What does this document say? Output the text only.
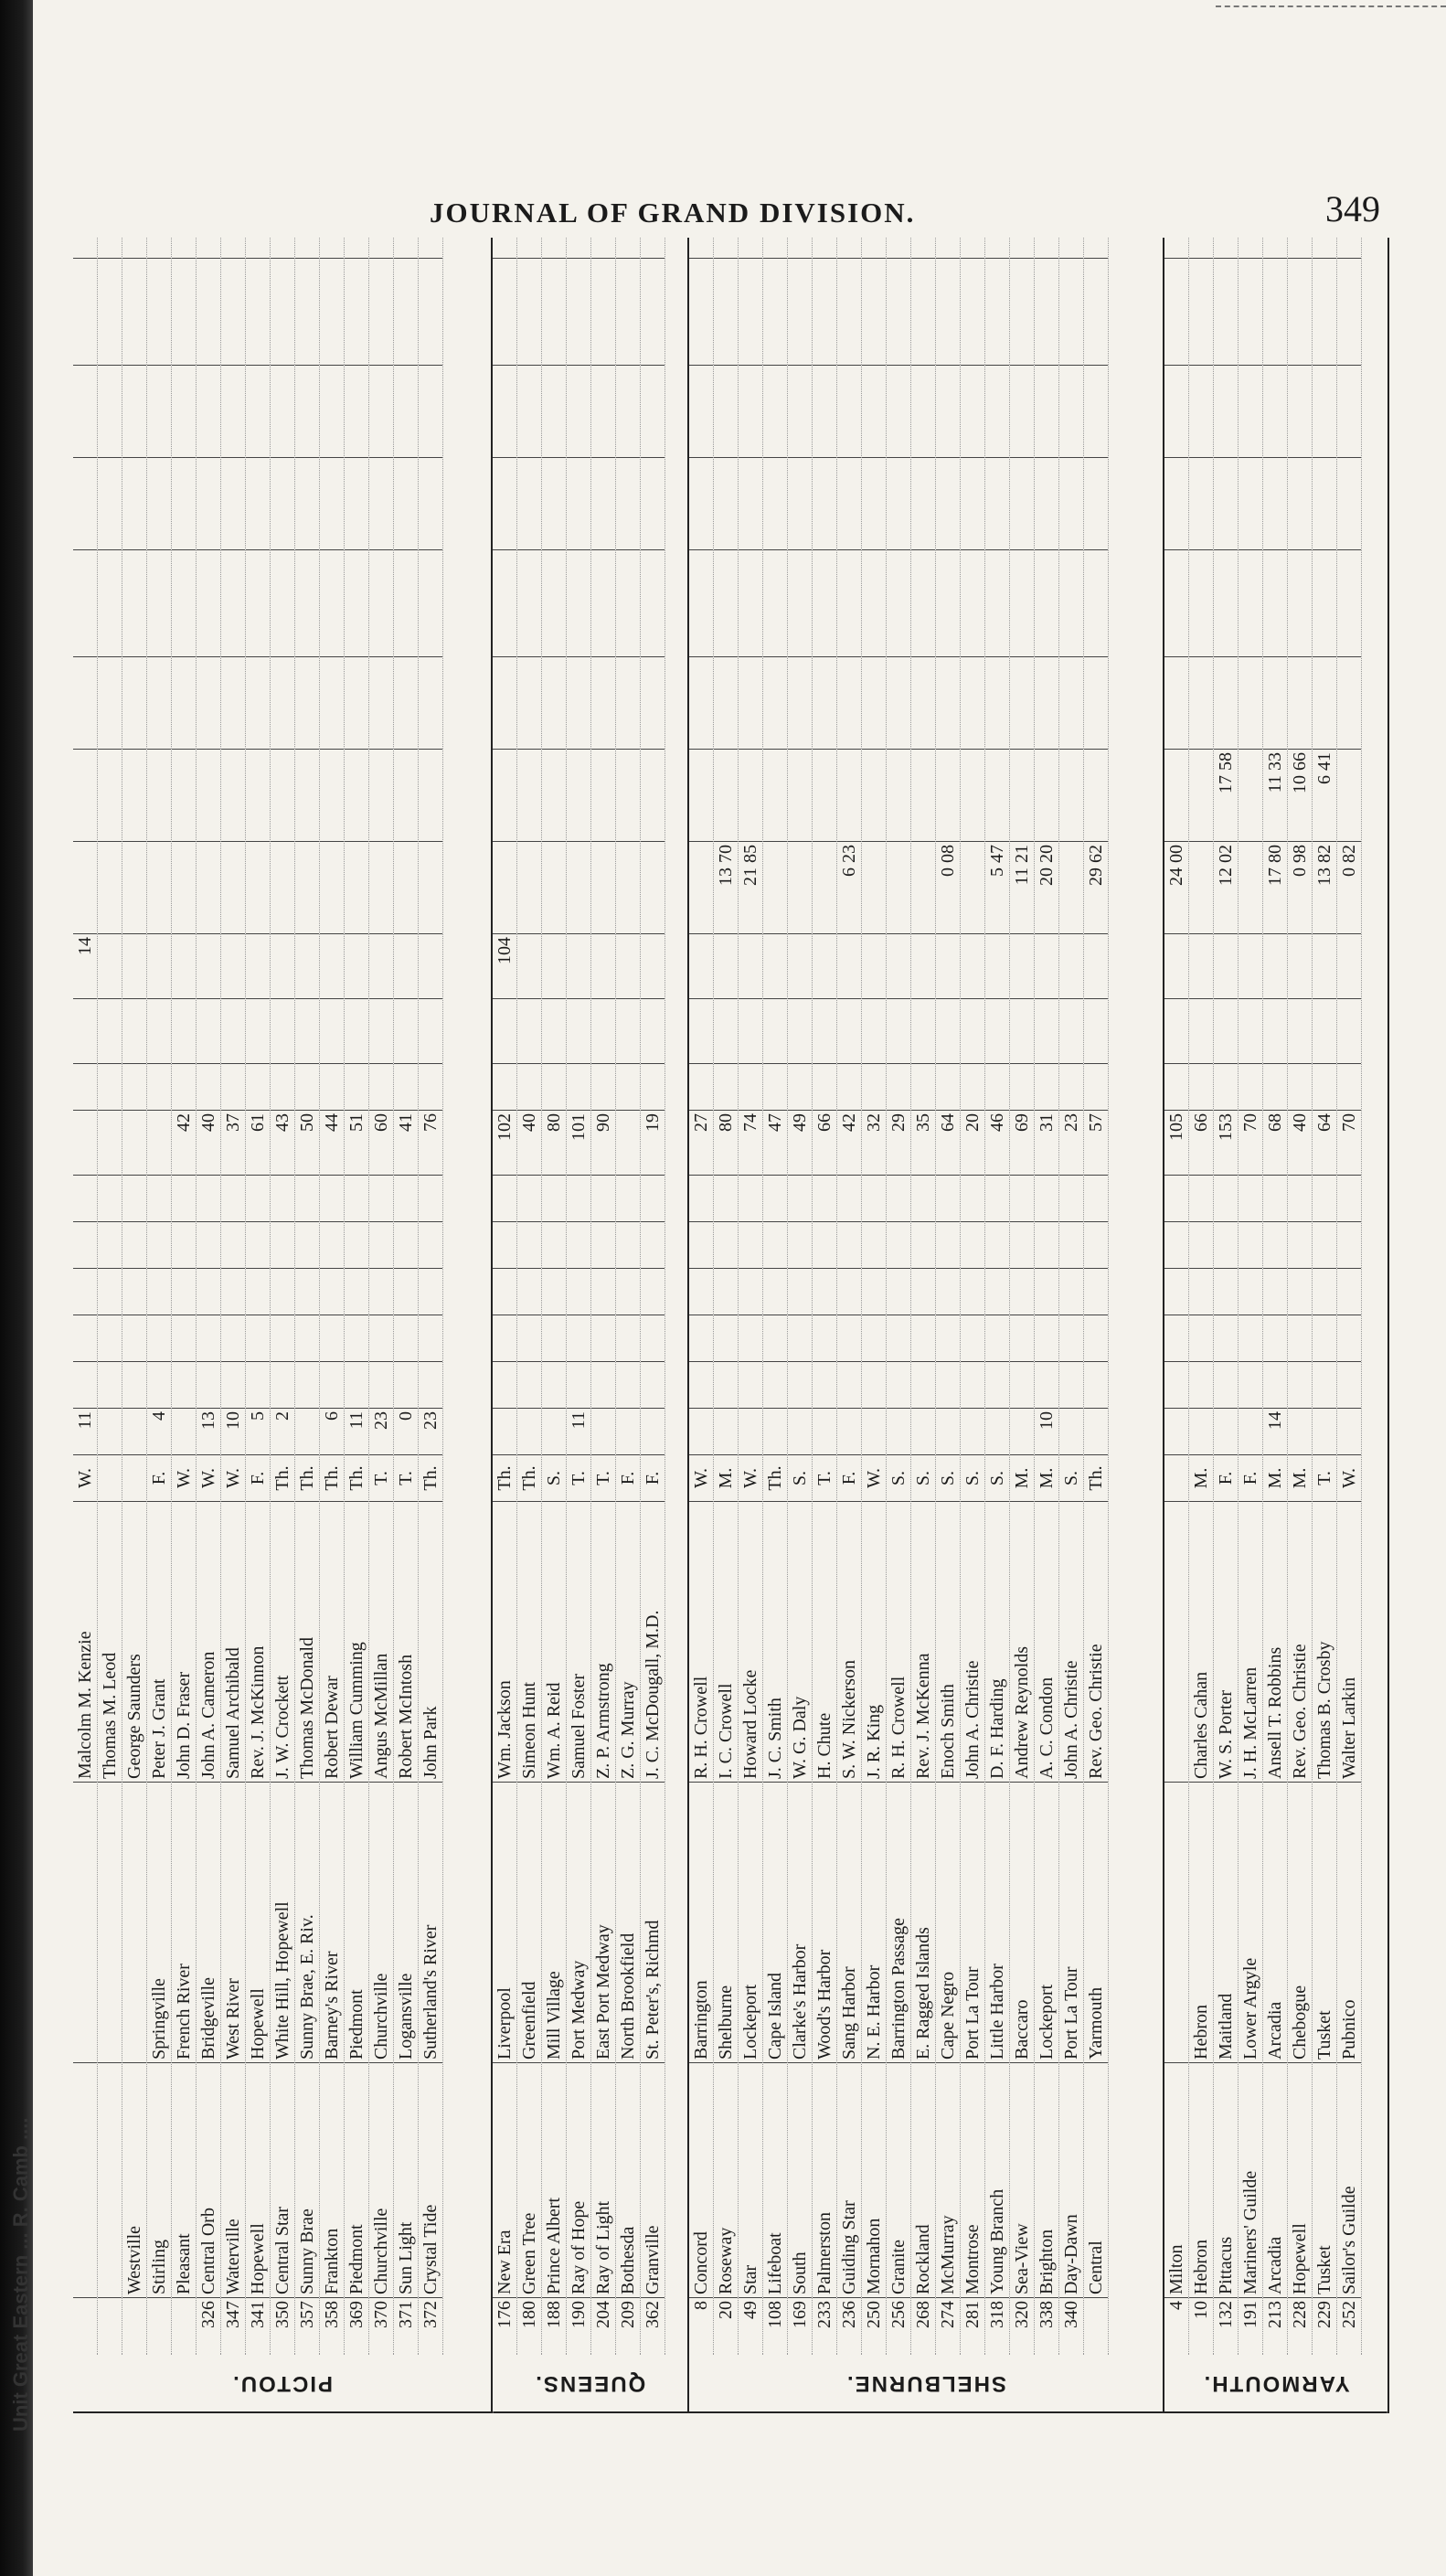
JOURNAL OF GRAND DIVISION.	349
Unit Great Eastern ... R. Camb ....	PICTOU.
Malcolm M. Kenzie
W.
11
14
Thomas M. Leod
Westville
George Saunders
Stirling
Springville
Peter J. Grant
F.
4
Pleasant
French River
John D. Fraser
W.
42
326
Central Orb
Bridgeville
John A. Cameron
W.
13
40
347
Waterville
West River
Samuel Archibald
W.
10
37
341
Hopewell
Hopewell
Rev. J. McKinnon
F.
5
61
350
Central Star
White Hill, Hopewell
J. W. Crockett
Th.
2
43
357
Sunny Brae
Sunny Brae, E. Riv.
Thomas McDonald
Th.
50
358
Frankton
Barney's River
Robert Dewar
Th.
6
44
369
Piedmont
Piedmont
William Cumming
Th.
11
51
370
Churchville
Churchville
Angus McMillan
T.
23
60
371
Sun Light
Logansville
Robert McIntosh
T.
0
41
372
Crystal Tide
Sutherland's River
John Park
Th.
23
76
QUEENS.
176
New Era
Liverpool
Wm. Jackson
Th.
102
104
180
Green Tree
Greenfield
Simeon Hunt
Th.
40
188
Prince Albert
Mill Village
Wm. A. Reid
S.
80
190
Ray of Hope
Port Medway
Samuel Foster
T.
11
101
204
Ray of Light
East Port Medway
Z. P. Armstrong
T.
90
209
Bothesda
North Brookfield
Z. G. Murray
F.
362
Granville
St. Peter's, Richmd
J. C. McDougall, M.D.
F.
19
SHELBURNE.
8
Concord
Barrington
R. H. Crowell
W.
27
20
Roseway
Shelburne
I. C. Crowell
M.
80
13 70
49
Star
Lockeport
Howard Locke
W.
74
21 85
108
Lifeboat
Cape Island
J. C. Smith
Th.
47
169
South
Clarke's Harbor
W. G. Daly
S.
49
233
Palmerston
Wood's Harbor
H. Chute
T.
66
236
Guiding Star
Sang Harbor
S. W. Nickerson
F.
42
6 23
250
Mornahon
N. E. Harbor
J. R. King
W.
32
256
Granite
Barrington Passage
R. H. Crowell
S.
29
268
Rockland
E. Ragged Islands
Rev. J. McKenna
S.
35
274
McMurray
Cape Negro
Enoch Smith
S.
64
0 08
281
Montrose
Port La Tour
John A. Christie
S.
20
318
Young Branch
Little Harbor
D. F. Harding
S.
46
5 47
320
Sea-View
Baccaro
Andrew Reynolds
M.
69
11 21
338
Brighton
Lockeport
A. C. Condon
M.
10
31
20 20
340
Day-Dawn
Port La Tour
John A. Christie
S.
23
Central
Yarmouth
Rev. Geo. Christie
Th.
57
29 62
YARMOUTH.
4
Milton
105
24 00
10
Hebron
Hebron
Charles Cahan
M.
66
132
Pittacus
Maitland
W. S. Porter
F.
153
12 02
17 58
191
Mariners' Guilde
Lower Argyle
J. H. McLarren
F.
70
213
Arcadia
Arcadia
Ansell T. Robbins
M.
14
68
17 80
11 33
228
Hopewell
Chebogue
Rev. Geo. Christie
M.
40
0 98
10 66
229
Tusket
Tusket
Thomas B. Crosby
T.
64
13 82
6 41
252
Sailor's Guilde
Pubnico
Walter Larkin
W.
70
0 82
